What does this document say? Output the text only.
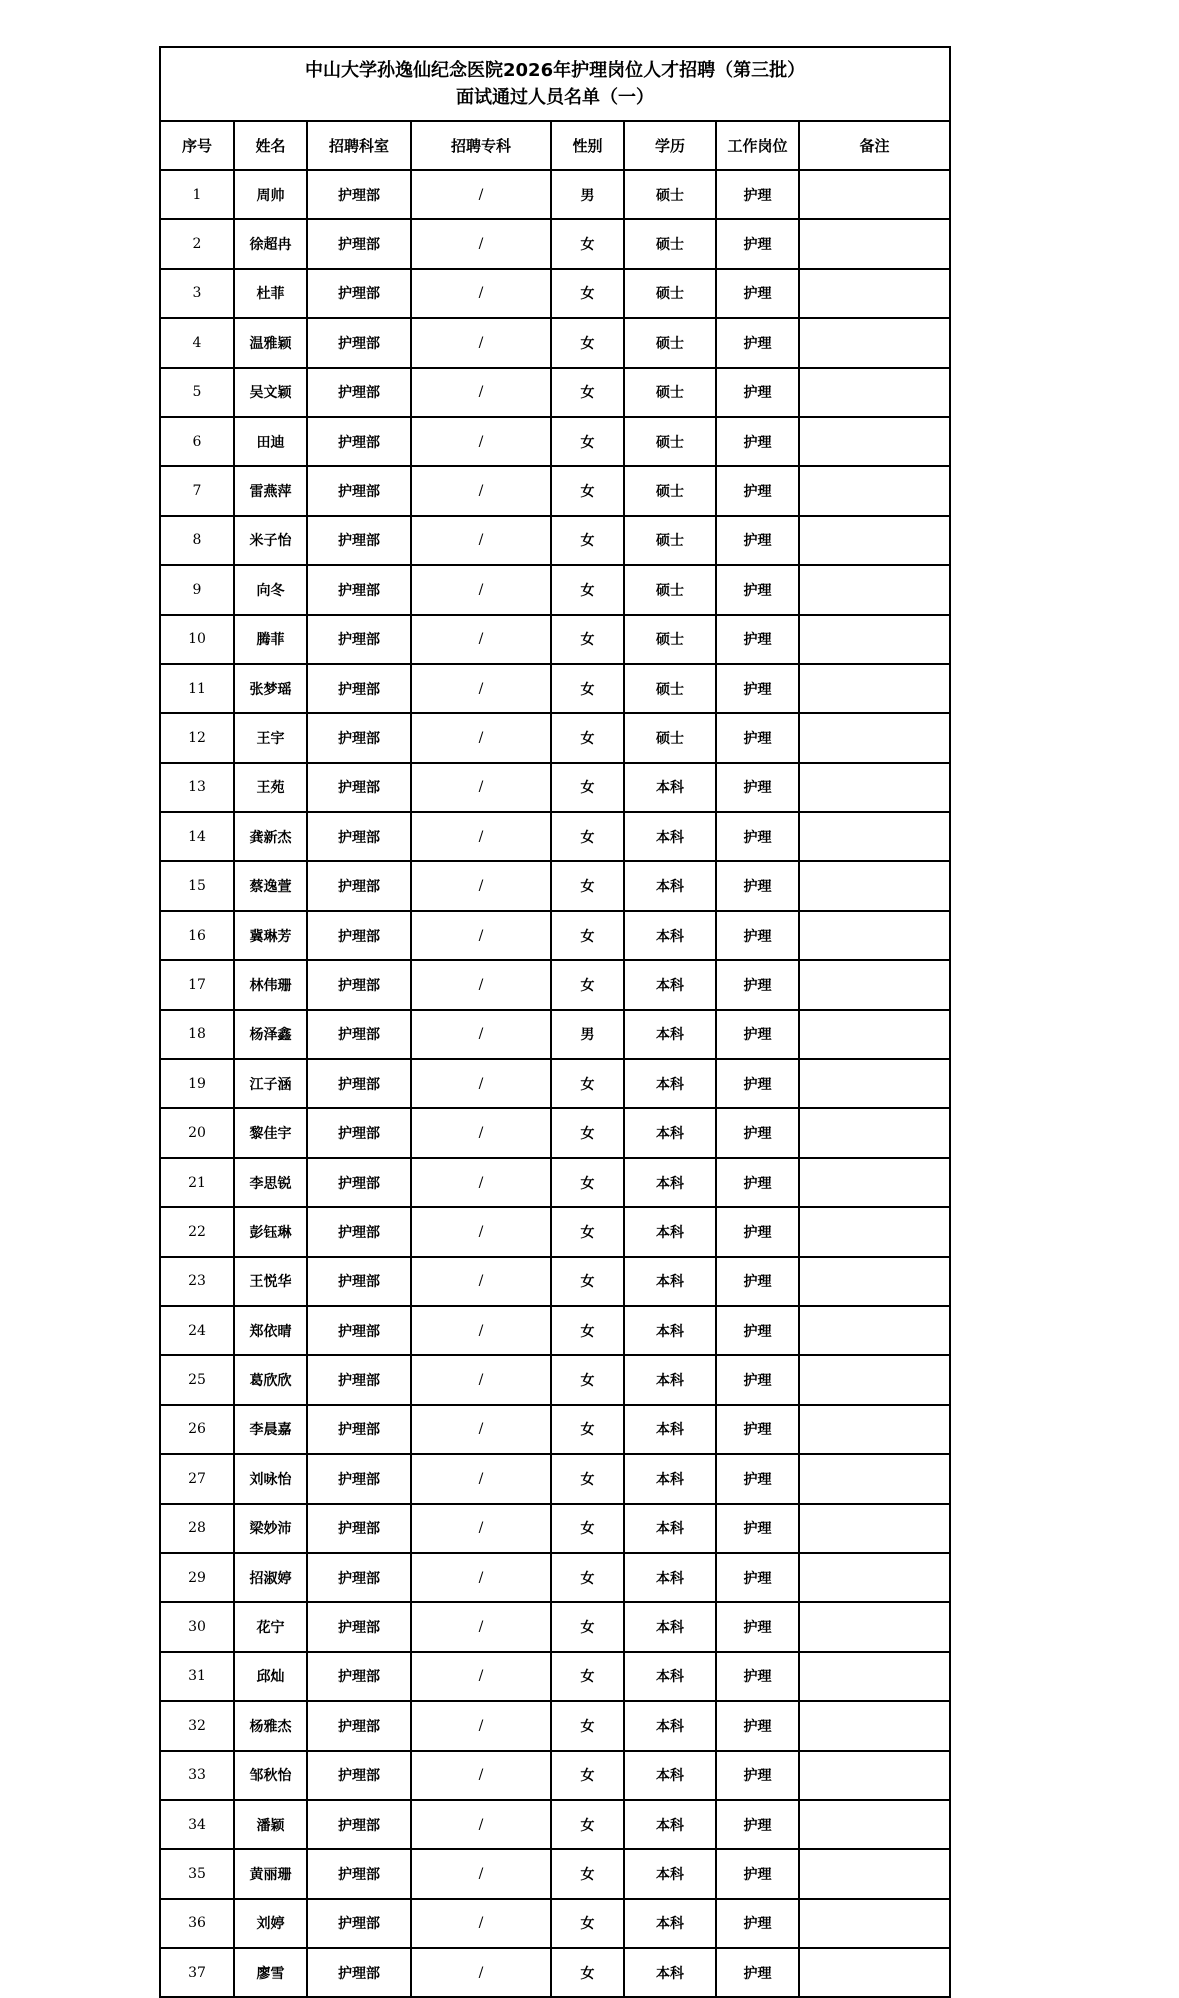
中山大学孙逸仙纪念医院2026年护理岗位人才招聘（第三批）
面试通过人员名单（一）							

序号	姓名	招聘科室	招聘专科	性别	学历	工作岗位	备注
1	周帅	护理部	/	男	硕士	护理	
2	徐超冉	护理部	/	女	硕士	护理	
3	杜菲	护理部	/	女	硕士	护理	
4	温雅颖	护理部	/	女	硕士	护理	
5	吴文颖	护理部	/	女	硕士	护理	
6	田迪	护理部	/	女	硕士	护理	
7	雷燕萍	护理部	/	女	硕士	护理	
8	米子怡	护理部	/	女	硕士	护理	
9	向冬	护理部	/	女	硕士	护理	
10	腾菲	护理部	/	女	硕士	护理	
11	张梦瑶	护理部	/	女	硕士	护理	
12	王宇	护理部	/	女	硕士	护理	
13	王苑	护理部	/	女	本科	护理	
14	龚新杰	护理部	/	女	本科	护理	
15	蔡逸萱	护理部	/	女	本科	护理	
16	冀琳芳	护理部	/	女	本科	护理	
17	林伟珊	护理部	/	女	本科	护理	
18	杨泽鑫	护理部	/	男	本科	护理	
19	江子涵	护理部	/	女	本科	护理	
20	黎佳宇	护理部	/	女	本科	护理	
21	李思锐	护理部	/	女	本科	护理	
22	彭钰琳	护理部	/	女	本科	护理	
23	王悦华	护理部	/	女	本科	护理	
24	郑依晴	护理部	/	女	本科	护理	
25	葛欣欣	护理部	/	女	本科	护理	
26	李晨嘉	护理部	/	女	本科	护理	
27	刘咏怡	护理部	/	女	本科	护理	
28	梁妙沛	护理部	/	女	本科	护理	
29	招淑婷	护理部	/	女	本科	护理	
30	花宁	护理部	/	女	本科	护理	
31	邱灿	护理部	/	女	本科	护理	
32	杨雅杰	护理部	/	女	本科	护理	
33	邹秋怡	护理部	/	女	本科	护理	
34	潘颖	护理部	/	女	本科	护理	
35	黄丽珊	护理部	/	女	本科	护理	
36	刘婷	护理部	/	女	本科	护理	
37	廖雪	护理部	/	女	本科	护理	
